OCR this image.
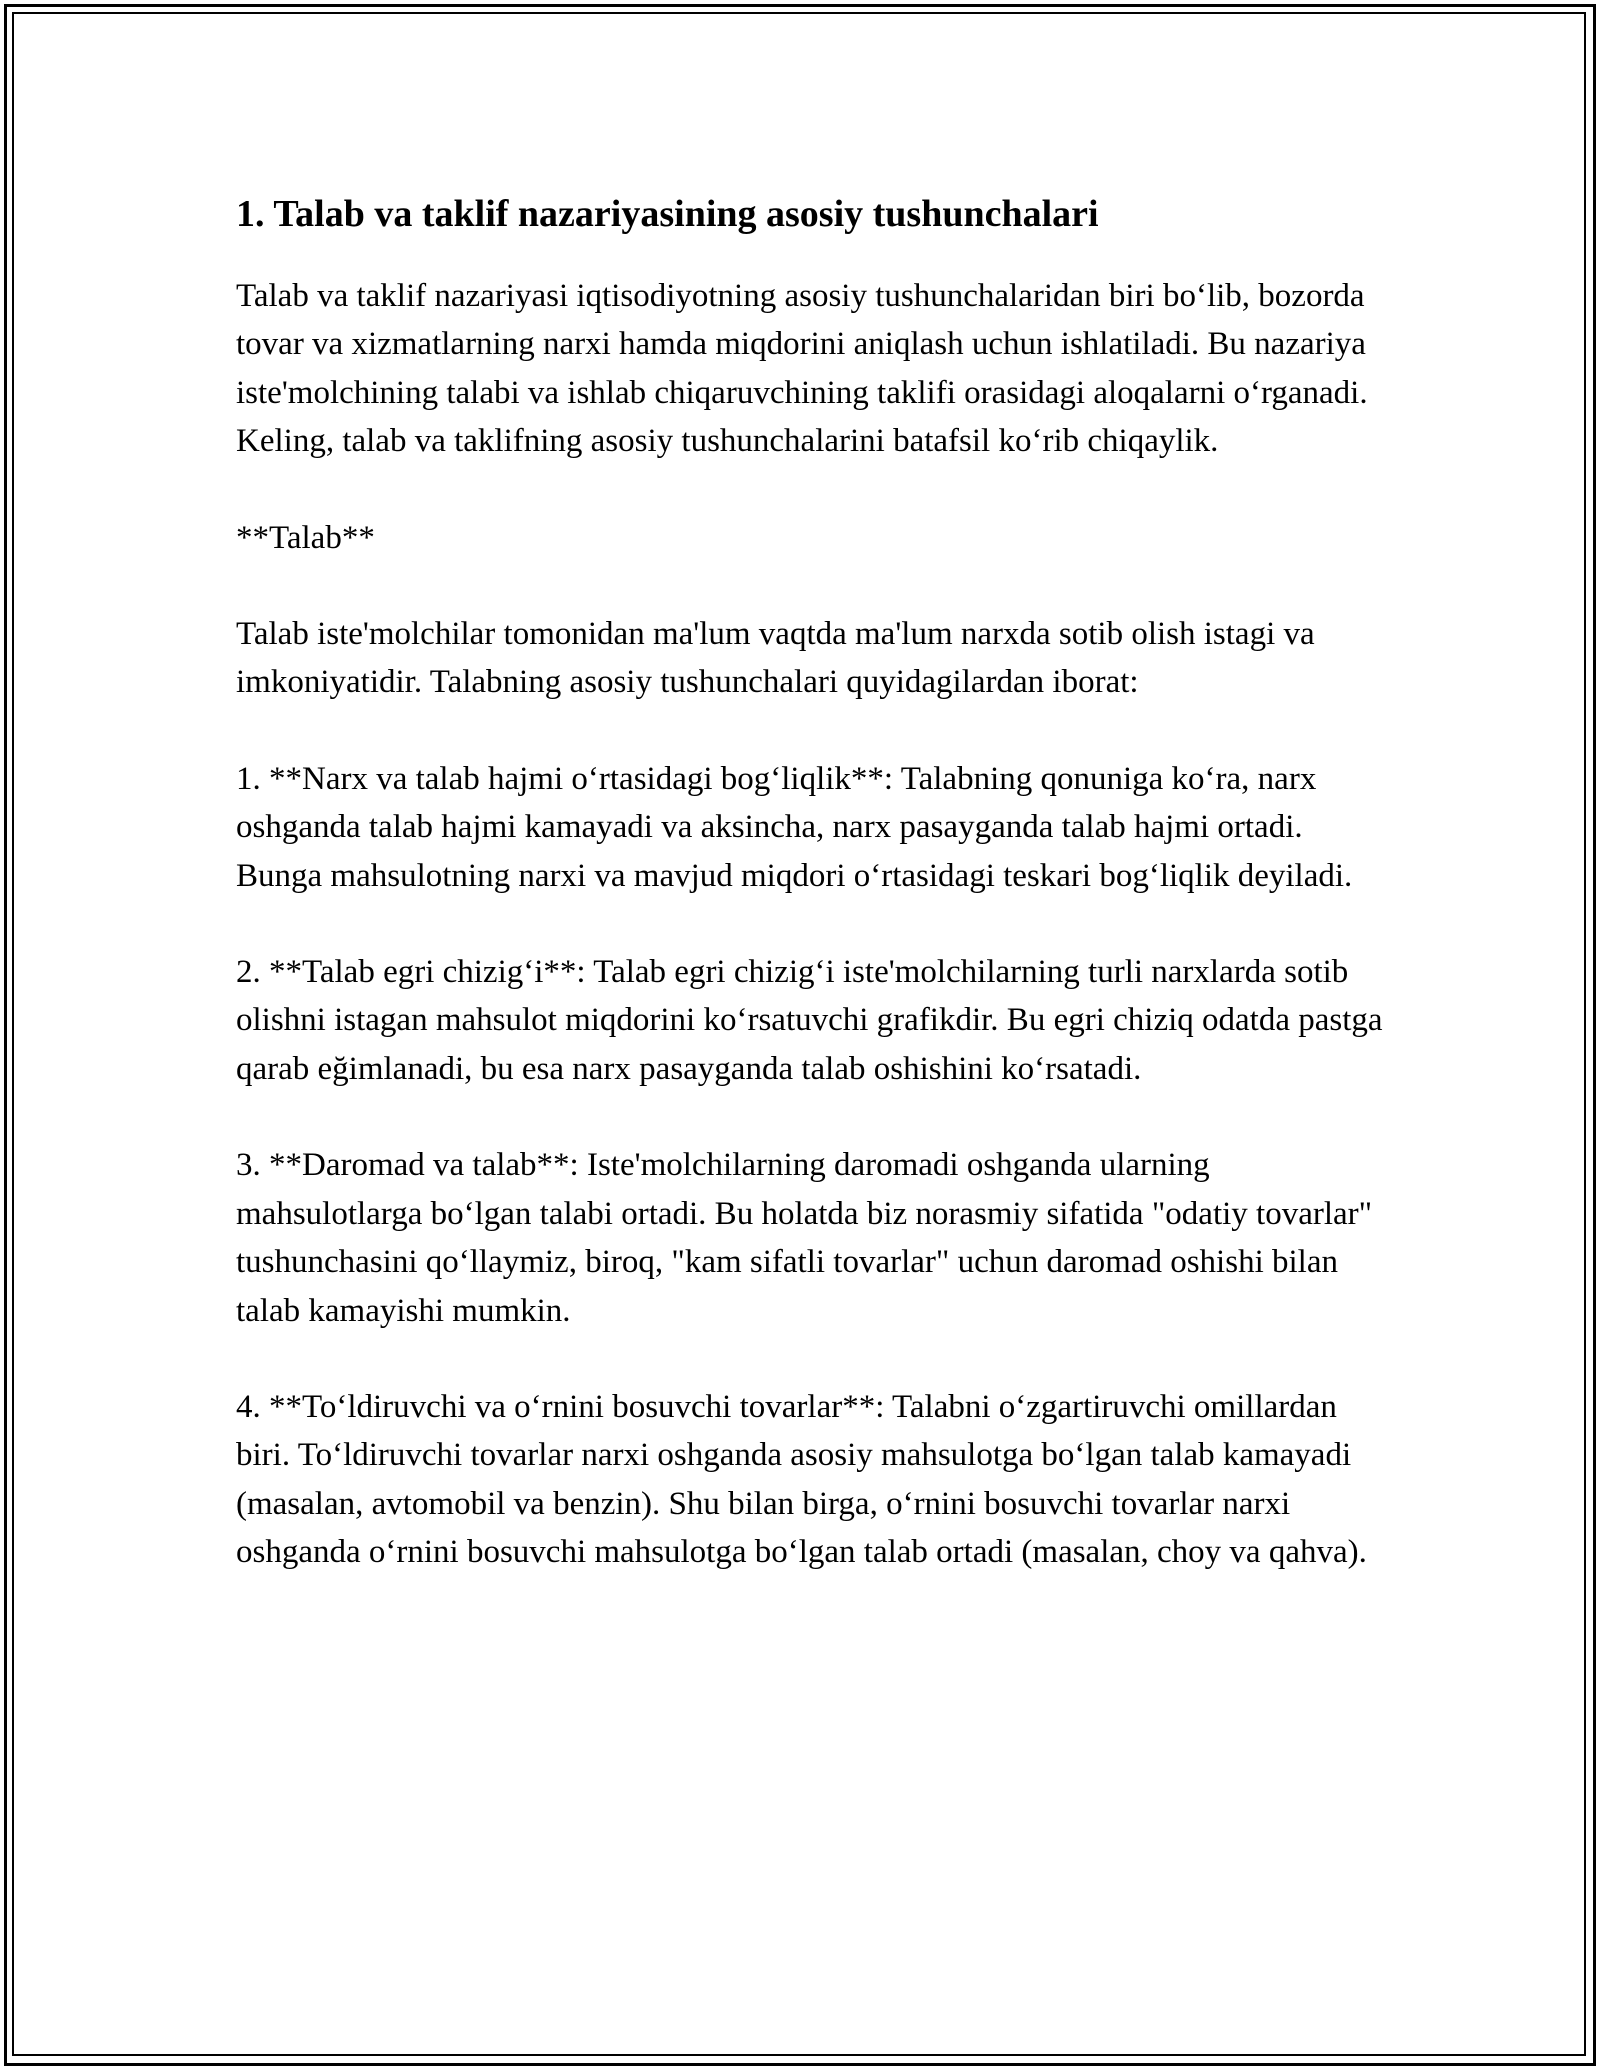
1. Talab va taklif nazariyasining asosiy tushunchalari

Talab va taklif nazariyasi iqtisodiyotning asosiy tushunchalaridan biri boʻlib, bozorda tovar va xizmatlarning narxi hamda miqdorini aniqlash uchun ishlatiladi. Bu nazariya iste'molchining talabi va ishlab chiqaruvchining taklifi orasidagi aloqalarni oʻrganadi. Keling, talab va taklifning asosiy tushunchalarini batafsil koʻrib chiqaylik.

**Talab**

Talab iste'molchilar tomonidan ma'lum vaqtda ma'lum narxda sotib olish istagi va imkoniyatidir. Talabning asosiy tushunchalari quyidagilardan iborat:

1. **Narx va talab hajmi oʻrtasidagi bogʻliqlik**: Talabning qonuniga koʻra, narx oshganda talab hajmi kamayadi va aksincha, narx pasayganda talab hajmi ortadi. Bunga mahsulotning narxi va mavjud miqdori oʻrtasidagi teskari bogʻliqlik deyiladi.

2. **Talab egri chizigʻi**: Talab egri chizigʻi iste'molchilarning turli narxlarda sotib olishni istagan mahsulot miqdorini koʻrsatuvchi grafikdir. Bu egri chiziq odatda pastga qarab eğimlanadi, bu esa narx pasayganda talab oshishini koʻrsatadi.

3. **Daromad va talab**: Iste'molchilarning daromadi oshganda ularning mahsulotlarga boʻlgan talabi ortadi. Bu holatda biz norasmiy sifatida "odatiy tovarlar" tushunchasini qoʻllaymiz, biroq, "kam sifatli tovarlar" uchun daromad oshishi bilan talab kamayishi mumkin.

4. **Toʻldiruvchi va oʻrnini bosuvchi tovarlar**: Talabni oʻzgartiruvchi omillardan biri. Toʻldiruvchi tovarlar narxi oshganda asosiy mahsulotga boʻlgan talab kamayadi (masalan, avtomobil va benzin). Shu bilan birga, oʻrnini bosuvchi tovarlar narxi oshganda oʻrnini bosuvchi mahsulotga boʻlgan talab ortadi (masalan, choy va qahva).
